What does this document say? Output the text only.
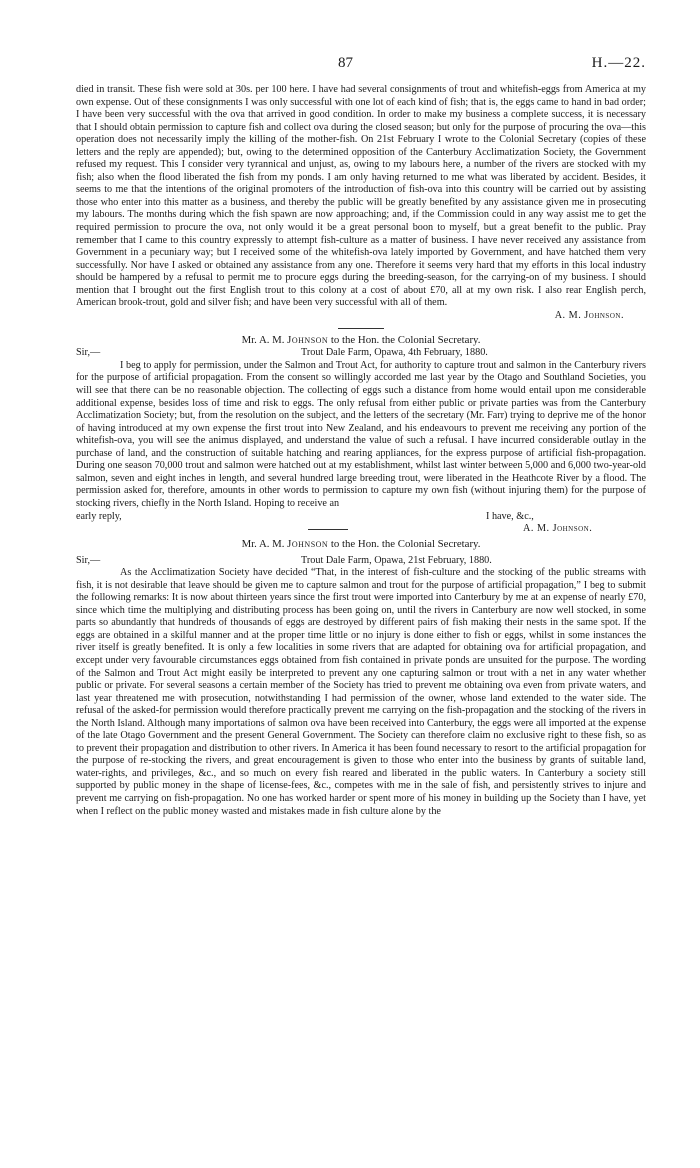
87	H.—22.

died in transit. These fish were sold at 30s. per 100 here. I have had several consignments of trout and whitefish-eggs from America at my own expense. Out of these consignments I was only successful with one lot of each kind of fish; that is, the eggs came to hand in bad order; I have been very successful with the ova that arrived in good condition. In order to make my business a complete success, it is necessary that I should obtain permission to capture fish and collect ova during the closed season; but only for the purpose of procuring the ova—this operation does not necessarily imply the killing of the mother-fish. On 21st February I wrote to the Colonial Secretary (copies of these letters and the reply are appended); but, owing to the determined opposition of the Canterbury Acclimatization Society, the Government refused my request. This I consider very tyrannical and unjust, as, owing to my labours here, a number of the rivers are stocked with my fish; also when the flood liberated the fish from my ponds. I am only having returned to me what was liberated by accident. Besides, it seems to me that the intentions of the original promoters of the introduction of fish-ova into this country will be carried out by assisting those who enter into this matter as a business, and thereby the public will be greatly benefited by any assistance given me in prosecuting my labours. The months during which the fish spawn are now approaching; and, if the Commission could in any way assist me to get the required permission to procure the ova, not only would it be a great personal boon to myself, but a great benefit to the public. Pray remember that I came to this country expressly to attempt fish-culture as a matter of business. I have never received any assistance from Government in a pecuniary way; but I received some of the whitefish-ova lately imported by Government, and have hatched them very successfully. Nor have I asked or obtained any assistance from any one. Therefore it seems very hard that my efforts in this local industry should be hampered by a refusal to permit me to procure eggs during the breeding-season, for the carrying-on of my business. I should mention that I brought out the first English trout to this colony at a cost of about £70, all at my own risk. I also rear English perch, American brook-trout, gold and silver fish; and have been very successful with all of them.

A. M. Johnson.

Mr. A. M. Johnson to the Hon. the Colonial Secretary.

Sir,—	Trout Dale Farm, Opawa, 4th February, 1880.

I beg to apply for permission, under the Salmon and Trout Act, for authority to capture trout and salmon in the Canterbury rivers for the purpose of artificial propagation. From the consent so willingly accorded me last year by the Otago and Southland Societies, you will see that there can be no reasonable objection. The collecting of eggs such a distance from home would entail upon me considerable additional expense, besides loss of time and risk to eggs. The only refusal from either public or private parties was from the Canterbury Acclimatization Society; but, from the resolution on the subject, and the letters of the secretary (Mr. Farr) trying to deprive me of the honor of having introduced at my own expense the first trout into New Zealand, and his endeavours to prevent me receiving any portion of the whitefish-ova, you will see the animus displayed, and understand the value of such a refusal. I have incurred considerable outlay in the purchase of land, and the construction of suitable hatching and rearing appliances, for the express purpose of artificial fish-propagation. During one season 70,000 trout and salmon were hatched out at my establishment, whilst last winter between 5,000 and 6,000 two-year-old salmon, seven and eight inches in length, and several hundred large breeding trout, were liberated in the Heathcote River by a flood. The permission asked for, therefore, amounts in other words to permission to capture my own fish (without injuring them) for the purpose of stocking rivers, chiefly in the North Island. Hoping to receive an

early reply,	I have, &c.,
A. M. Johnson.

Mr. A. M. Johnson to the Hon. the Colonial Secretary.

Sir,—	Trout Dale Farm, Opawa, 21st February, 1880.

As the Acclimatization Society have decided “That, in the interest of fish-culture and the stocking of the public streams with fish, it is not desirable that leave should be given me to capture salmon and trout for the purpose of artificial propagation,” I beg to submit the following remarks: It is now about thirteen years since the first trout were imported into Canterbury by me at an expense of nearly £70, since which time the multiplying and distributing process has been going on, until the rivers in Canterbury are now well stocked, in some parts so abundantly that hundreds of thousands of eggs are destroyed by different pairs of fish making their nests in the same spot. If the eggs are obtained in a skilful manner and at the proper time little or no injury is done either to fish or eggs, whilst in some instances the river itself is greatly benefited. It is only a few localities in some rivers that are adapted for obtaining ova for artificial propagation, and except under very favourable circumstances eggs obtained from fish contained in private ponds are unsuited for the purpose. The wording of the Salmon and Trout Act might easily be interpreted to prevent any one capturing salmon or trout with a net in any water whether public or private. For several seasons a certain member of the Society has tried to prevent me obtaining ova even from private waters, and last year threatened me with prosecution, notwithstanding I had permission of the owner, whose land extended to the water side. The refusal of the asked-for permission would therefore practically prevent me carrying on the fish-propagation and the stocking of the rivers in the North Island. Although many importations of salmon ova have been received into Canterbury, the eggs were all imported at the expense of the late Otago Government and the present General Government. The Society can therefore claim no exclusive right to these fish, so as to prevent their propagation and distribution to other rivers. In America it has been found necessary to resort to the artificial propagation for the purpose of re-stocking the rivers, and great encouragement is given to those who enter into the business by grants of suitable land, water-rights, and privileges, &c., and so much on every fish reared and liberated in the public waters. In Canterbury a society still supported by public money in the shape of license-fees, &c., competes with me in the sale of fish, and persistently strives to injure and prevent me carrying on fish-propagation. No one has worked harder or spent more of his money in building up the Society than I have, yet when I reflect on the public money wasted and mistakes made in fish culture alone by the
